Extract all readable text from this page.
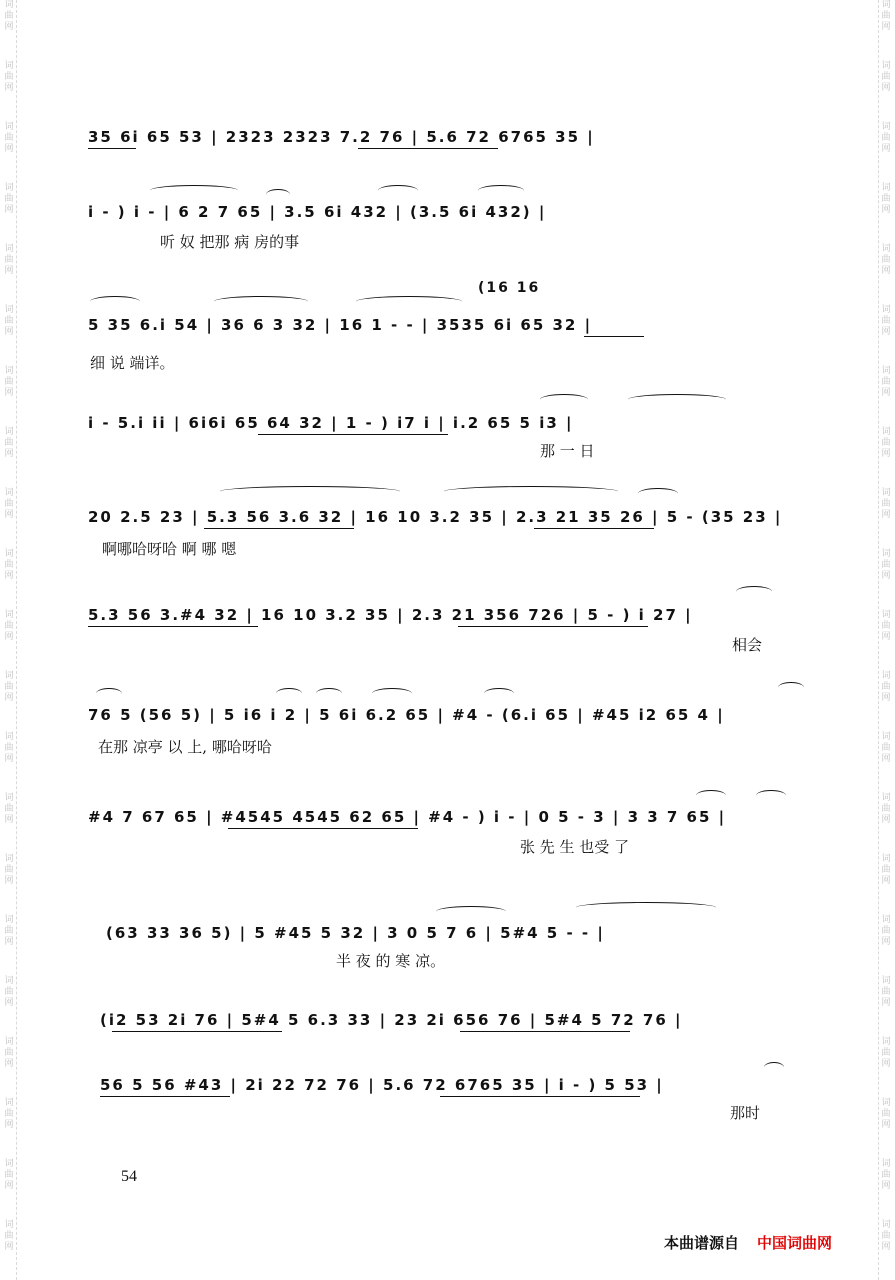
词
曲
网
词
曲
网
词
曲
网
词
曲
网
词
曲
网
词
曲
网
词
曲
网
词
曲
网
词
曲
网
词
曲
网
词
曲
网
词
曲
网
词
曲
网
词
曲
网
词
曲
网
词
曲
网
词
曲
网
词
曲
网
词
曲
网
词
曲
网
词
曲
网
词
曲
网
词
曲
网
词
曲
网
词
曲
网
词
曲
网
词
曲
网
词
曲
网
词
曲
网
词
曲
网
词
曲
网
词
曲
网
词
曲
网
词
曲
网
词
曲
网
词
曲
网
词
曲
网
词
曲
网
词
曲
网
词
曲
网
词
曲
网
词
曲
网
35 6i 65 53 | 2323 2323 7.2 76 | 5.6 72 6765 35 |
i - ) i - | 6 2 7 65 | 3.5 6i 432 | (3.5 6i 432) |
听 奴 把那 病 房的事
(16 16
5 35 6.i 54 | 36 6 3 32 | 16 1 - - | 3535 6i 65 32 |
细 说 端详。
i - 5.i ii | 6i6i 65 64 32 | 1 - ) i7 i | i.2 65 5 i3 |
那 一 日
20 2.5 23 | 5.3 56 3.6 32 | 16 10 3.2 35 | 2.3 21 35 26 | 5 - (35 23 |
啊哪哈呀哈 啊 哪 嗯
5.3 56 3.#4 32 | 16 10 3.2 35 | 2.3 21 356 726 | 5 - ) i 27 |
相会
76 5 (56 5) | 5 i6 i 2 | 5 6i 6.2 65 | #4 - (6.i 65 | #45 i2 65 4 |
在那 凉亭 以 上, 哪哈呀哈
#4 7 67 65 | #4545 4545 62 65 | #4 - ) i - | 0 5 - 3 | 3 3 7 65 |
张 先 生 也受 了
(63 33 36 5) | 5 #45 5 32 | 3 0 5 7 6 | 5#4 5 - - |
半 夜 的 寒 凉。
(i2 53 2i 76 | 5#4 5 6.3 33 | 23 2i 656 76 | 5#4 5 72 76 |
56 5 56 #43 | 2i 22 72 76 | 5.6 72 6765 35 | i - ) 5 53 |
那时
54
本曲谱源自 中国词曲网
